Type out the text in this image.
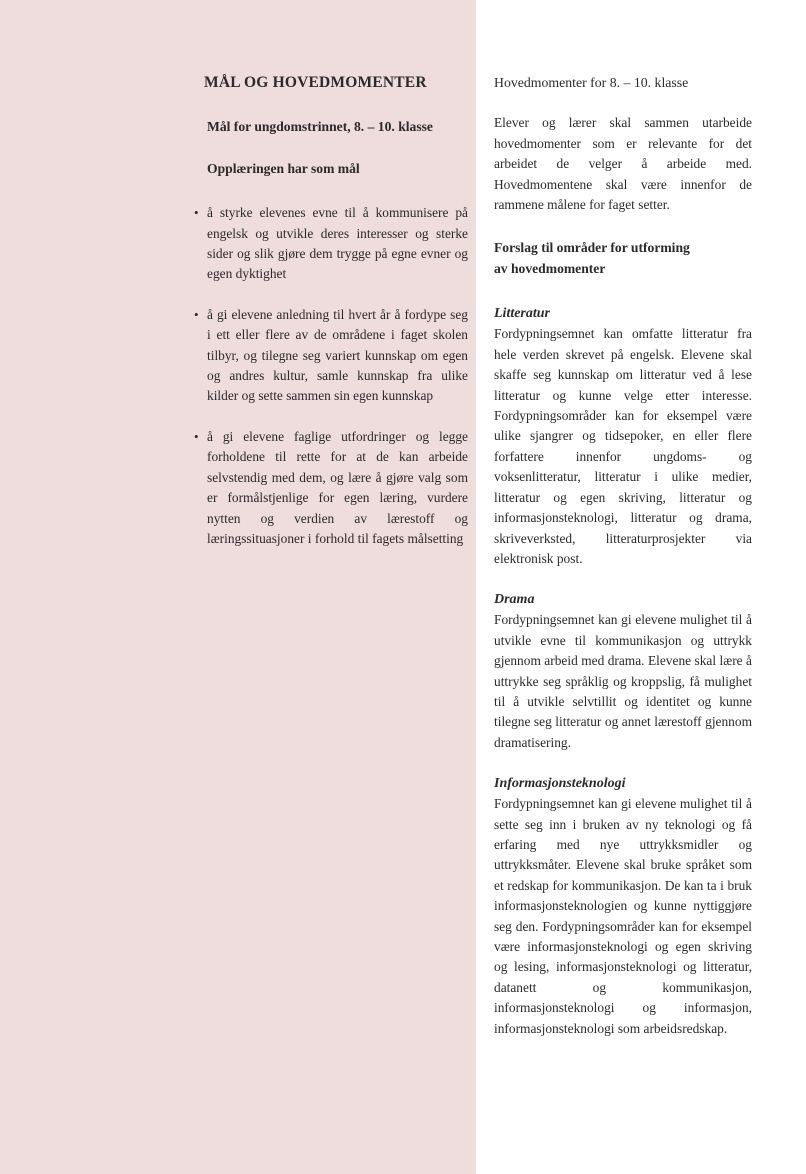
MÅL OG HOVEDMOMENTER
Mål for ungdomstrinnet, 8. – 10. klasse
Opplæringen har som mål
• å styrke elevenes evne til å kommunisere på engelsk og utvikle deres interesser og sterke sider og slik gjøre dem trygge på egne evner og egen dyktighet
• å gi elevene anledning til hvert år å fordype seg i ett eller flere av de områdene i faget skolen tilbyr, og tilegne seg variert kunnskap om egen og andres kultur, samle kunnskap fra ulike kilder og sette sammen sin egen kunnskap
• å gi elevene faglige utfordringer og legge forholdene til rette for at de kan arbeide selvstendig med dem, og lære å gjøre valg som er formålstjenlige for egen læring, vurdere nytten og verdien av lærestoff og læringssituasjoner i forhold til fagets målsetting
Hovedmomenter for 8. – 10. klasse

Elever og lærer skal sammen utarbeide hovedmomenter som er relevante for det arbeidet de velger å arbeide med. Hovedmomentene skal være innenfor de rammene målene for faget setter.

Forslag til områder for utforming
av hovedmomenter
Litteratur

Fordypningsemnet kan omfatte litteratur fra hele verden skrevet på engelsk. Elevene skal skaffe seg kunnskap om litteratur ved å lese litteratur og kunne velge etter interesse. Fordypningsområder kan for eksempel være ulike sjangrer og tidsepoker, en eller flere forfattere innenfor ungdoms- og voksenlitteratur, litteratur i ulike medier, litteratur og egen skriving, litteratur og informasjonsteknologi, litteratur og drama, skriveverksted, litteraturprosjekter via elektronisk post.

Drama

Fordypningsemnet kan gi elevene mulighet til å utvikle evne til kommunikasjon og uttrykk gjennom arbeid med drama. Elevene skal lære å uttrykke seg språklig og kroppslig, få mulighet til å utvikle selvtillit og identitet og kunne tilegne seg litteratur og annet lærestoff gjennom dramatisering.

Informasjonsteknologi

Fordypningsemnet kan gi elevene mulighet til å sette seg inn i bruken av ny teknologi og få erfaring med nye uttrykksmidler og uttrykksmåter. Elevene skal bruke språket som et redskap for kommunikasjon. De kan ta i bruk informasjonsteknologien og kunne nyttiggjøre seg den. Fordypningsområder kan for eksempel være informasjonsteknologi og egen skriving og lesing, informasjonsteknologi og litteratur, datanett og kommunikasjon, informasjonsteknologi og informasjon, informasjonsteknologi som arbeidsredskap.
